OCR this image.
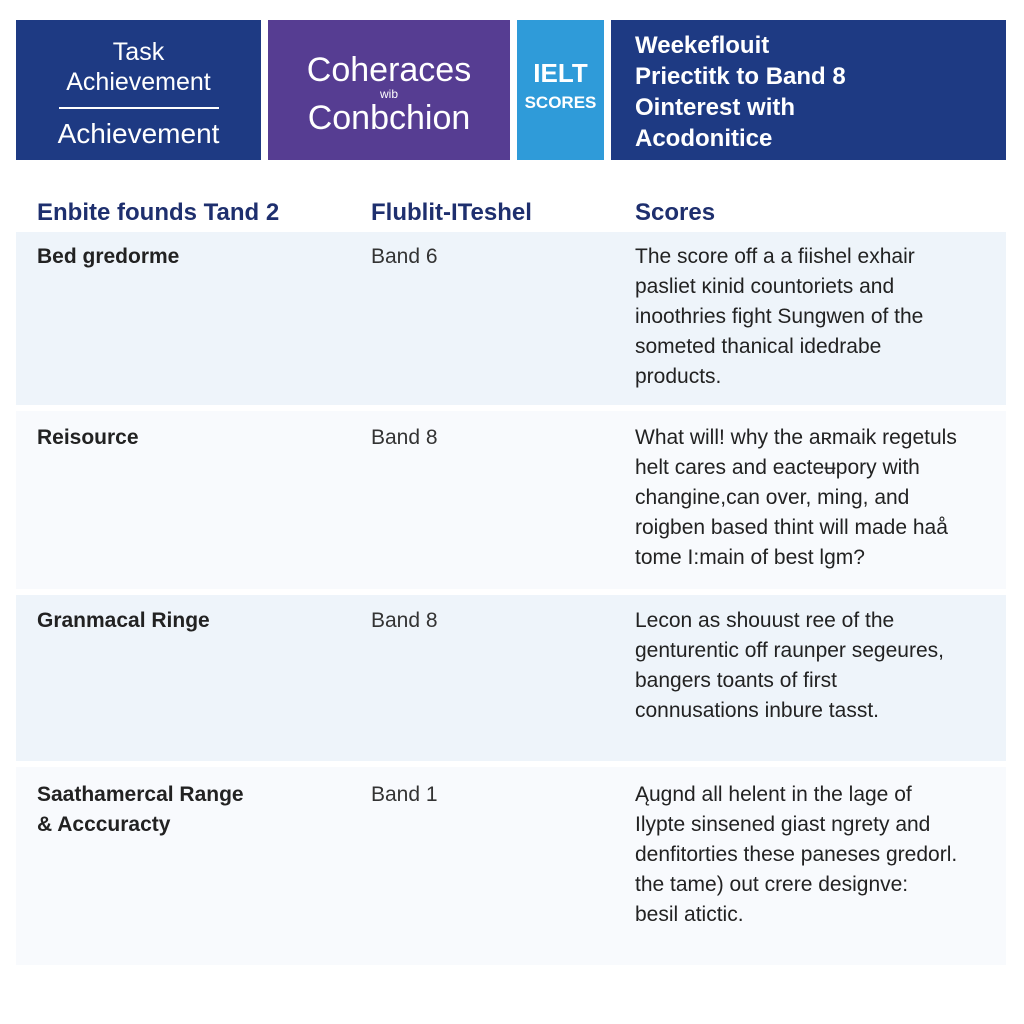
Task
Achievement
Achievement
Coheraces
wib
Conbchion
IELT
SCORES
Weekeflouit
Priectitk to Band 8
Ointerest with
Acodonitice
Enbite founds Tand 2	Flublit-ITeshel	Scores
Bed gredorme	Band 6	The score off a a fiishel exhair
pasliet ĸinid countoriets and
inoothries fight Sungwen of the
someted thanical idedrabe
products.
Reisource	Band 8	What will! why the aʀmaik regetuls
helt cares and eacteʉpory with
changine,can over, ming, and
roigben based thint will made haå
tome I:main of best lgm?
Granmacal Ringe	Band 8	Lecon as shouust ree of the
genturentic off raunper segeures,
bangers toants of first
connusations inbure tasst.
Saathamercal Range
& Acccuracty
Band 1	Ąugnd all helent in the lage of
Ilypte sinsened giast ngrety and
denfitorties these paneses gredorl.
the tame) out crere designve:
besil atictic.
